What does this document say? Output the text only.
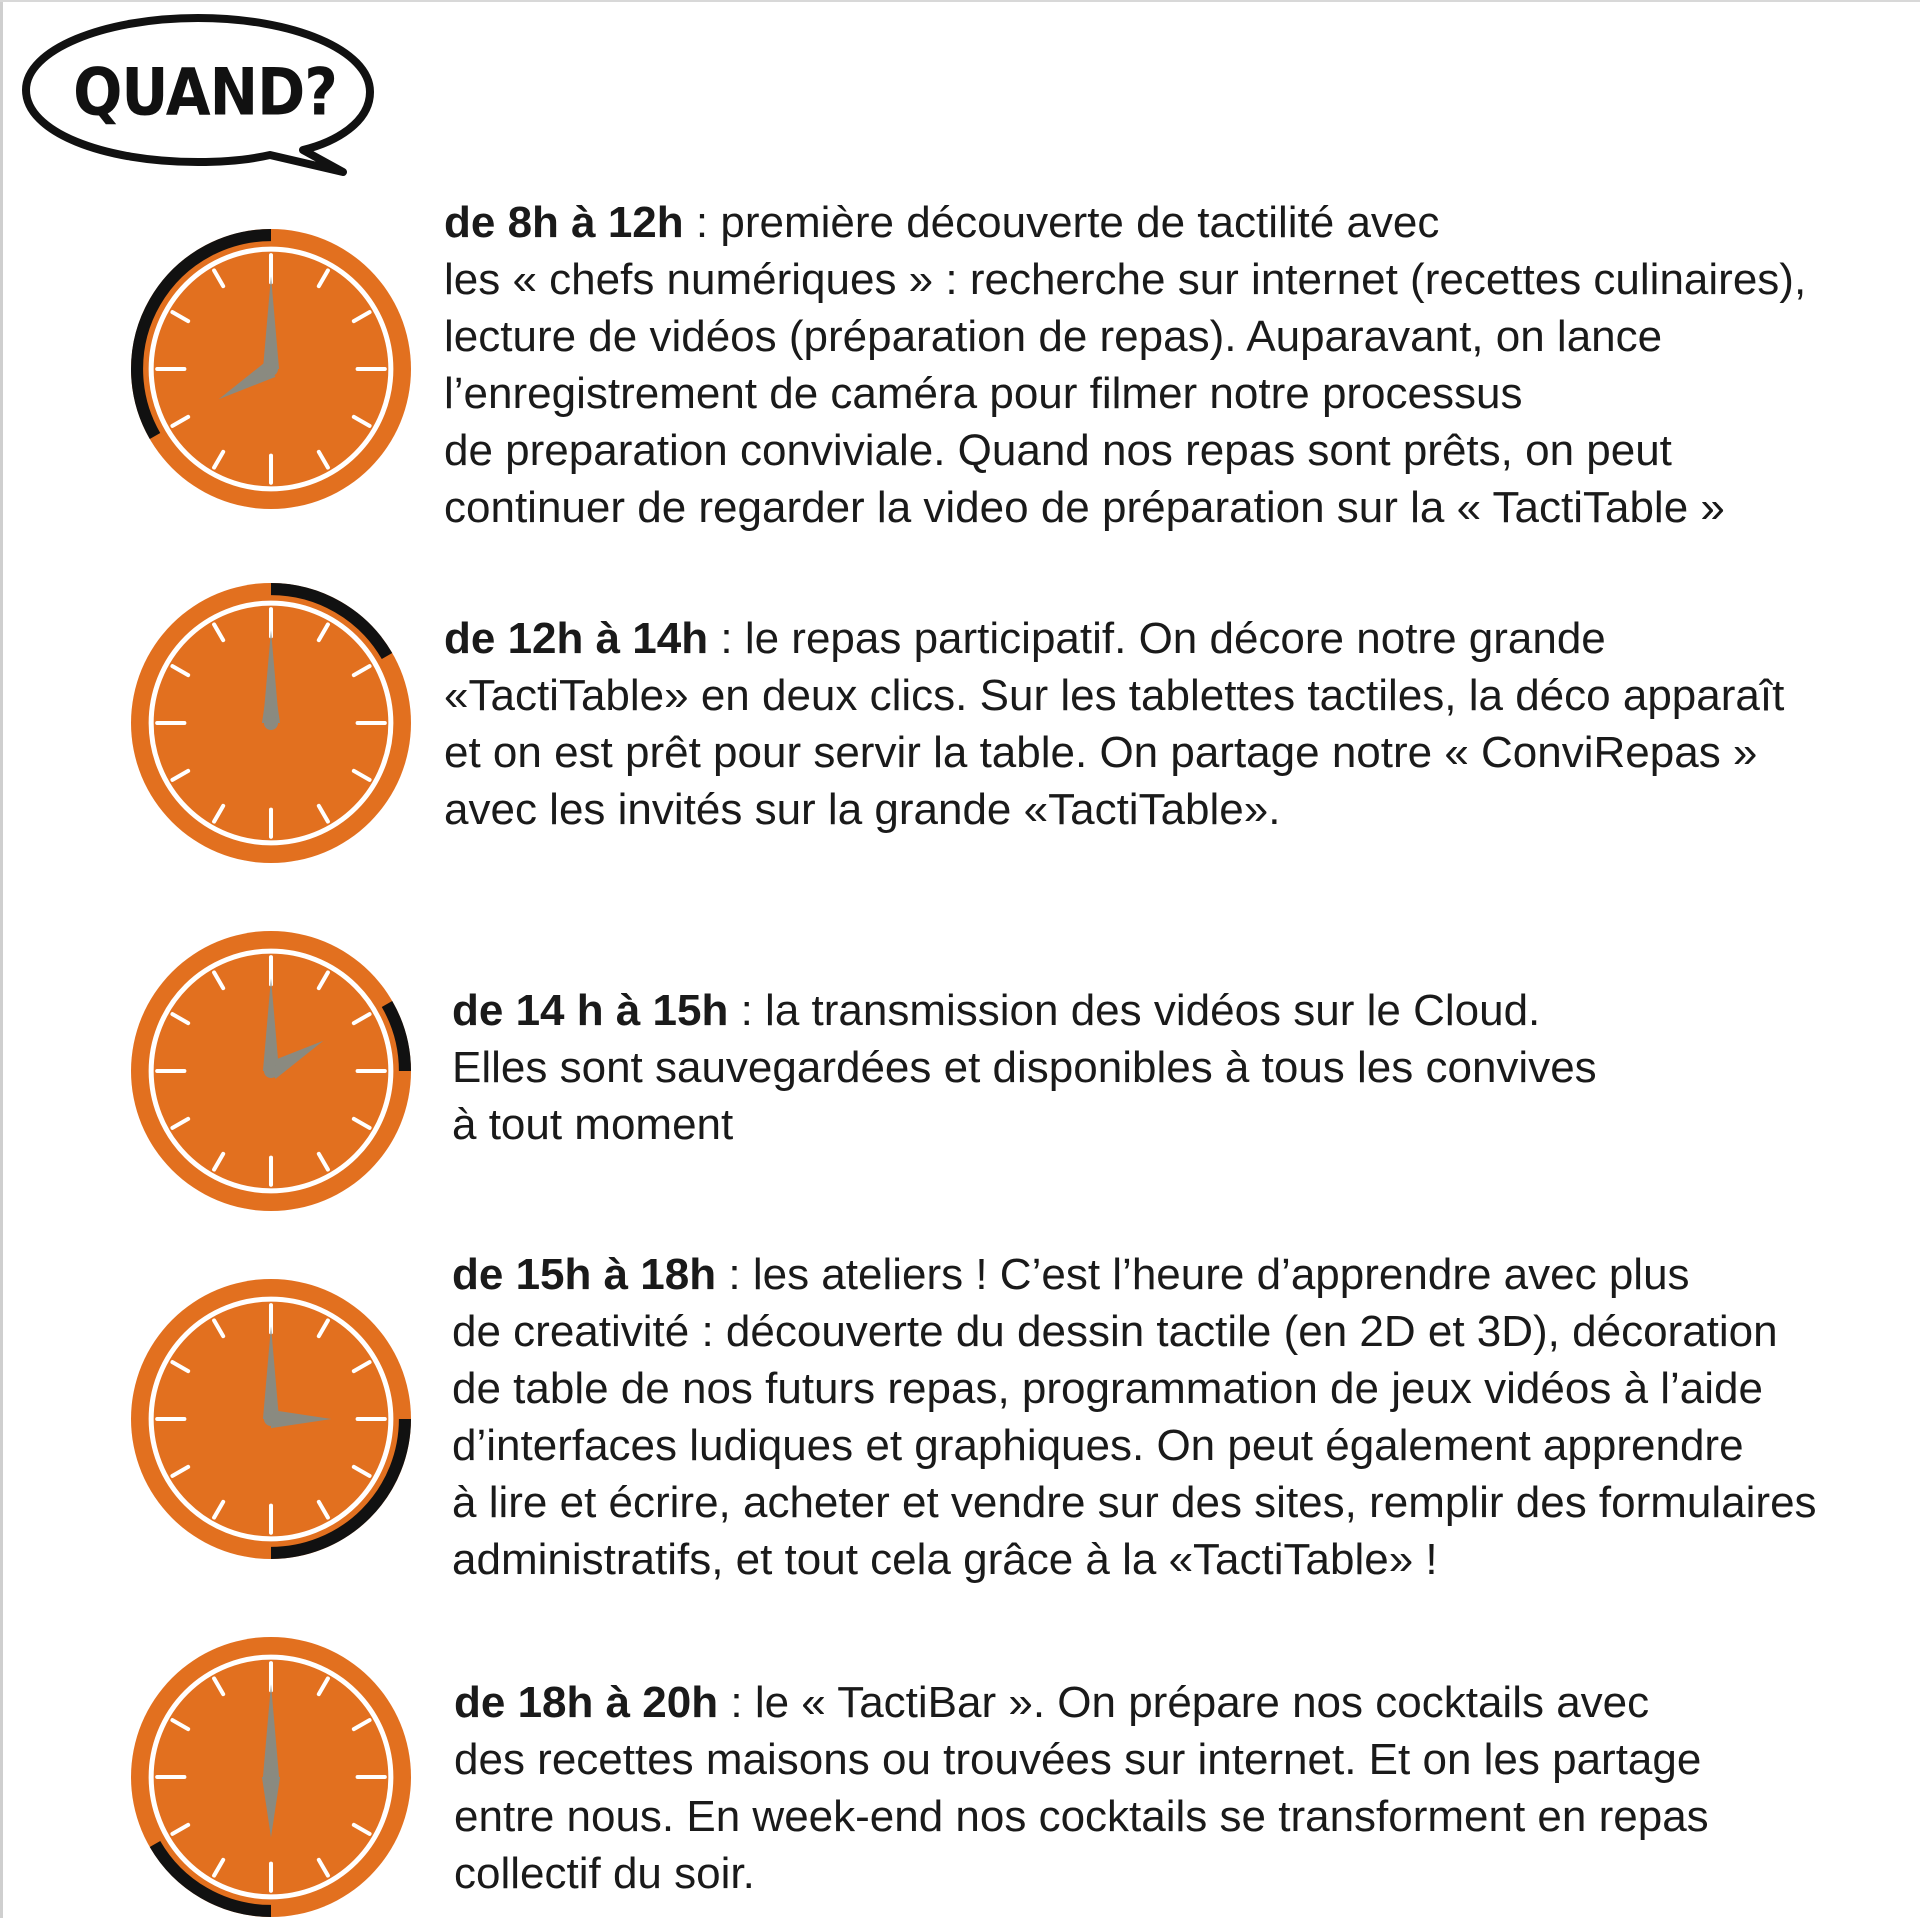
QUAND?
de 8h à 12h : première découverte de tactilité avec
les « chefs numériques » : recherche sur internet (recettes culinaires),
lecture de vidéos (préparation de repas). Auparavant, on lance
l’enregistrement de caméra pour filmer notre processus
de preparation conviviale. Quand nos repas sont prêts, on peut
continuer de regarder la video de préparation sur la « TactiTable »
de 12h à 14h : le repas participatif. On décore notre grande
«TactiTable» en deux clics. Sur les tablettes tactiles, la déco apparaît
et on est prêt pour servir la table. On partage notre « ConviRepas »
avec les invités sur la grande «TactiTable».
de 14 h à 15h : la transmission des vidéos sur le Cloud.
Elles sont sauvegardées et disponibles à tous les convives
à tout moment
de 15h à 18h : les ateliers ! C’est l’heure d’apprendre avec plus
de creativité : découverte du dessin tactile (en 2D et 3D), décoration
de table de nos futurs repas, programmation de jeux vidéos à l’aide
d’interfaces ludiques et graphiques. On peut également apprendre
à lire et écrire, acheter et vendre sur des sites, remplir des formulaires
administratifs, et tout cela grâce à la «TactiTable» !
de 18h à 20h : le « TactiBar ». On prépare nos cocktails avec
des recettes maisons ou trouvées sur internet. Et on les partage
entre nous. En week-end nos cocktails se transforment en repas
collectif du soir.
